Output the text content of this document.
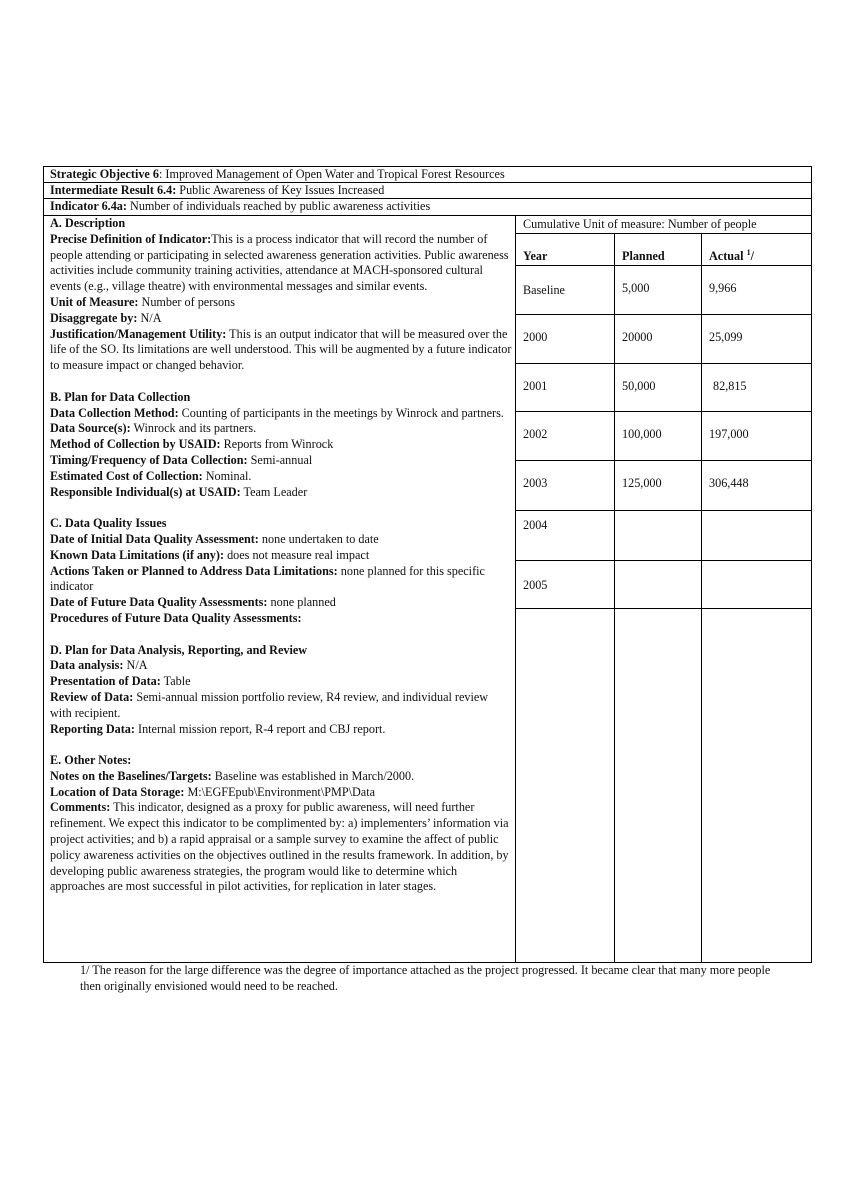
Strategic Objective 6: Improved Management of Open Water and Tropical Forest Resources
Intermediate Result 6.4: Public Awareness of Key Issues Increased
Indicator 6.4a: Number of individuals reached by public awareness activities

A. Description

Precise Definition of Indicator:This is a process indicator that will record the number of people attending or participating in selected awareness generation activities. Public awareness activities include community training activities, attendance at MACH-sponsored cultural events (e.g., village theatre) with environmental messages and similar events.

Unit of Measure: Number of persons

Disaggregate by: N/A

Justification/Management Utility: This is an output indicator that will be measured over the life of the SO. Its limitations are well understood. This will be augmented by a future indicator to measure impact or changed behavior.

B. Plan for Data Collection

Data Collection Method: Counting of participants in the meetings by Winrock and partners.

Data Source(s): Winrock and its partners.

Method of Collection by USAID: Reports from Winrock

Timing/Frequency of Data Collection: Semi-annual

Estimated Cost of Collection: Nominal.

Responsible Individual(s) at USAID: Team Leader

C. Data Quality Issues

Date of Initial Data Quality Assessment: none undertaken to date

Known Data Limitations (if any): does not measure real impact

Actions Taken or Planned to Address Data Limitations: none planned for this specific indicator

Date of Future Data Quality Assessments: none planned

Procedures of Future Data Quality Assessments:

D. Plan for Data Analysis, Reporting, and Review

Data analysis: N/A

Presentation of Data: Table

Review of Data: Semi-annual mission portfolio review, R4 review, and individual review with recipient.

Reporting Data: Internal mission report, R-4 report and CBJ report.

E. Other Notes:

Notes on the Baselines/Targets: Baseline was established in March/2000.

Location of Data Storage: M:\EGFEpub\Environment\PMP\Data

Comments: This indicator, designed as a proxy for public awareness, will need further refinement. We expect this indicator to be complimented by: a) implementers’ information via project activities; and b) a rapid appraisal or a sample survey to examine the affect of public policy awareness activities on the objectives outlined in the results framework. In addition, by developing public awareness strategies, the program would like to determine which approaches are most successful in pilot activities, for replication in later stages.

Cumulative Unit of measure: Number of people
Year	Planned	Actual $^1$/
Baseline	5,000	9,966
2000	20000	25,099
2001	50,000	82,815
2002	100,000	197,000
2003	125,000	306,448
2004
2005
1/ The reason for the large difference was the degree of importance attached as the project progressed. It became clear that many more people then originally envisioned would need to be reached.
